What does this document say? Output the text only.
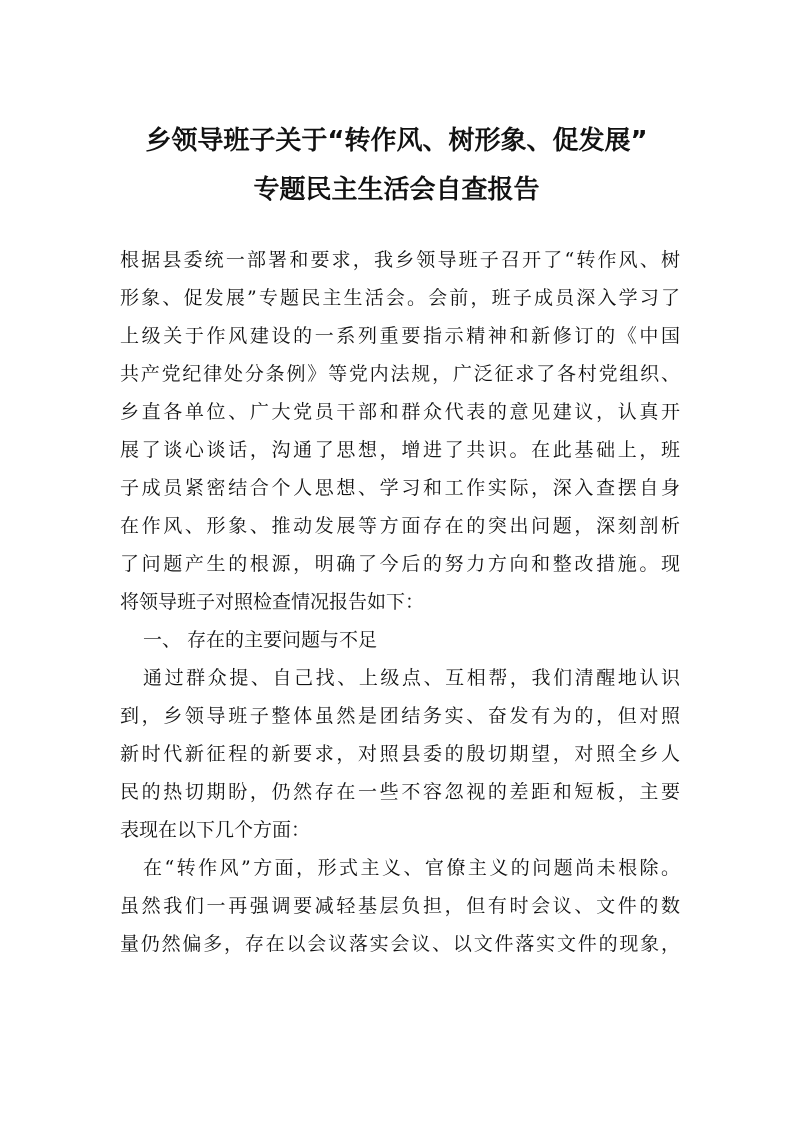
乡领导班子关于“转作风、树形象、促发展”
专题民主生活会自查报告
根据县委统一部署和要求，我乡领导班子召开了“转作风、树
形象、促发展”专题民主生活会。会前，班子成员深入学习了
上级关于作风建设的一系列重要指示精神和新修订的《中国
共产党纪律处分条例》等党内法规，广泛征求了各村党组织、
乡直各单位、广大党员干部和群众代表的意见建议，认真开
展了谈心谈话，沟通了思想，增进了共识。在此基础上，班
子成员紧密结合个人思想、学习和工作实际，深入查摆自身
在作风、形象、推动发展等方面存在的突出问题，深刻剖析
了问题产生的根源，明确了今后的努力方向和整改措施。现
将领导班子对照检查情况报告如下：
一、 存在的主要问题与不足
通过群众提、自己找、上级点、互相帮，我们清醒地认识
到，乡领导班子整体虽然是团结务实、奋发有为的，但对照
新时代新征程的新要求，对照县委的殷切期望，对照全乡人
民的热切期盼，仍然存在一些不容忽视的差距和短板，主要
表现在以下几个方面：
在“转作风”方面，形式主义、官僚主义的问题尚未根除。
虽然我们一再强调要减轻基层负担，但有时会议、文件的数
量仍然偏多，存在以会议落实会议、以文件落实文件的现象，
